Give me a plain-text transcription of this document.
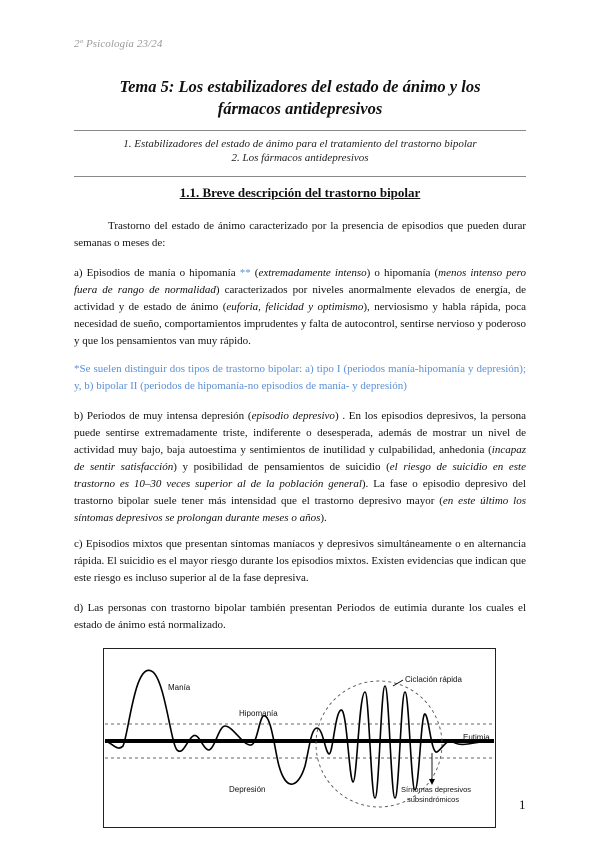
2º Psicología 23/24
Tema 5: Los estabilizadores del estado de ánimo y los
fármacos antidepresivos
1. Estabilizadores del estado de ánimo para el tratamiento del trastorno bipolar
2. Los fármacos antidepresivos
1.1. Breve descripción del trastorno bipolar
Trastorno del estado de ánimo caracterizado por la presencia de episodios que pueden durar semanas o meses de:
a) Episodios de manía o hipomanía ** (extremadamente intenso) o hipomanía (menos intenso pero fuera de rango de normalidad) caracterizados por niveles anormalmente elevados de energía, de actividad y de estado de ánimo (euforia, felicidad y optimismo), nerviosismo y habla rápida, poca necesidad de sueño, comportamientos imprudentes y falta de autocontrol, sentirse nervioso y poderoso y que los pensamientos van muy rápido.
*Se suelen distinguir dos tipos de trastorno bipolar: a) tipo I (periodos manía-hipomanía y depresión); y, b) bipolar II (periodos de hipomanía-no episodios de manía- y depresión)
b) Periodos de muy intensa depresión (episodio depresivo) . En los episodios depresivos, la persona puede sentirse extremadamente triste, indiferente o desesperada, además de mostrar un nivel de actividad muy bajo, baja autoestima y sentimientos de inutilidad y culpabilidad, anhedonia (incapaz de sentir satisfacción) y posibilidad de pensamientos de suicidio (el riesgo de suicidio en este trastorno es 10–30 veces superior al de la población general). La fase o episodio depresivo del trastorno bipolar suele tener más intensidad que el trastorno depresivo mayor (en este último los síntomas depresivos se prolongan durante meses o años).
c) Episodios mixtos que presentan síntomas maníacos y depresivos simultáneamente o en alternancia rápida. El suicidio es el mayor riesgo durante los episodios mixtos. Existen evidencias que indican que este riesgo es incluso superior al de la fase depresiva.
d) Las personas con trastorno bipolar también presentan Periodos de eutimia durante los cuales el estado de ánimo está normalizado.
Manía
Hipomanía
Depresión
Ciclación rápida
Eutimia
Síntomas depresivos
subsindrómicos	1
